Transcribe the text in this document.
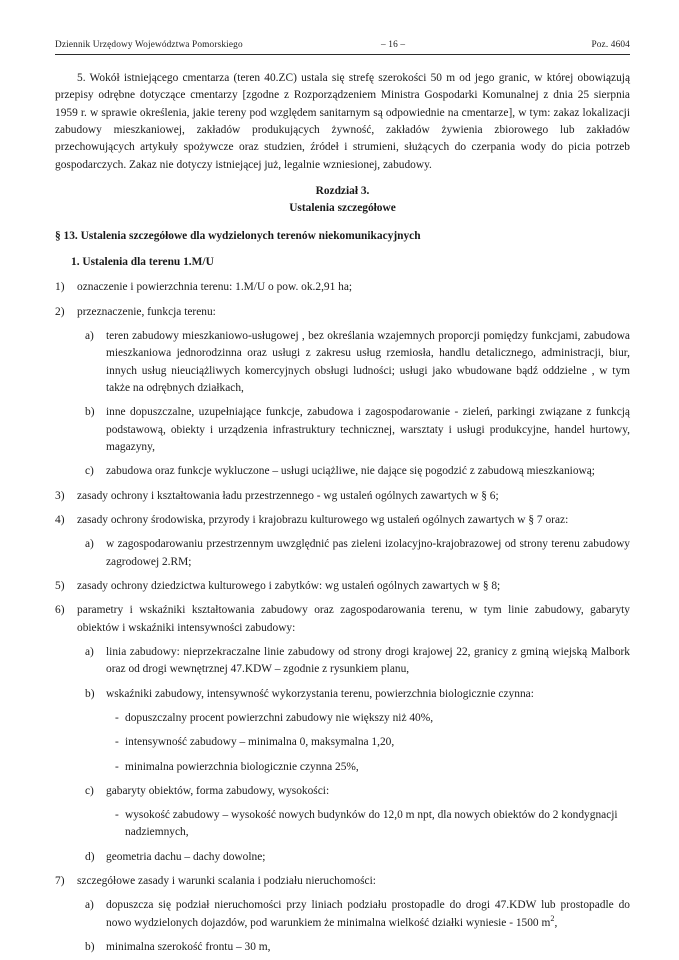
Dziennik Urzędowy Województwa Pomorskiego	– 16 –	Poz. 4604

5. Wokół istniejącego cmentarza (teren 40.ZC) ustala się strefę szerokości 50 m od jego granic, w której obowiązują przepisy odrębne dotyczące cmentarzy [zgodne z Rozporządzeniem Ministra Gospodarki Komunalnej z dnia 25 sierpnia 1959 r. w sprawie określenia, jakie tereny pod względem sanitarnym są odpowiednie na cmentarze], w tym: zakaz lokalizacji zabudowy mieszkaniowej, zakładów produkujących żywność, zakładów żywienia zbiorowego lub zakładów przechowujących artykuły spożywcze oraz studzien, źródeł i strumieni, służących do czerpania wody do picia potrzeb gospodarczych. Zakaz nie dotyczy istniejącej już, legalnie wzniesionej, zabudowy.

Rozdział 3.

Ustalenia szczegółowe

§ 13. Ustalenia szczegółowe dla wydzielonych terenów niekomunikacyjnych

1. Ustalenia dla terenu 1.M/U

1)	oznaczenie i powierzchnia terenu: 1.M/U o pow. ok.2,91 ha;
2)	przeznaczenie, funkcja terenu:
a)	teren zabudowy mieszkaniowo-usługowej , bez określania wzajemnych proporcji pomiędzy funkcjami, zabudowa mieszkaniowa jednorodzinna oraz usługi z zakresu usług rzemiosła, handlu detalicznego, administracji, biur, innych usług nieuciążliwych komercyjnych obsługi ludności; usługi jako wbudowane bądź oddzielne , w tym także na odrębnych działkach,
b)	inne dopuszczalne, uzupełniające funkcje, zabudowa i zagospodarowanie - zieleń, parkingi związane z funkcją podstawową, obiekty i urządzenia infrastruktury technicznej, warsztaty i usługi produkcyjne, handel hurtowy, magazyny,
c)	zabudowa oraz funkcje wykluczone – usługi uciążliwe, nie dające się pogodzić z zabudową mieszkaniową;
3)	zasady ochrony i kształtowania ładu przestrzennego - wg ustaleń ogólnych zawartych w § 6;
4)	zasady ochrony środowiska, przyrody i krajobrazu kulturowego wg ustaleń ogólnych zawartych w § 7 oraz:
a)	w zagospodarowaniu przestrzennym uwzględnić pas zieleni izolacyjno-krajobrazowej od strony terenu zabudowy zagrodowej 2.RM;
5)	zasady ochrony dziedzictwa kulturowego i zabytków: wg ustaleń ogólnych zawartych w § 8;
6)	parametry i wskaźniki kształtowania zabudowy oraz zagospodarowania terenu, w tym linie zabudowy, gabaryty obiektów i wskaźniki intensywności zabudowy:
a)	linia zabudowy: nieprzekraczalne linie zabudowy od strony drogi krajowej 22, granicy z gminą wiejską Malbork oraz od drogi wewnętrznej 47.KDW – zgodnie z rysunkiem planu,
b)	wskaźniki zabudowy, intensywność wykorzystania terenu, powierzchnia biologicznie czynna:
- dopuszczalny procent powierzchni zabudowy nie większy niż 40%,
- intensywność zabudowy – minimalna 0, maksymalna 1,20,
- minimalna powierzchnia biologicznie czynna 25%,
c)	gabaryty obiektów, forma zabudowy, wysokości:
- wysokość zabudowy – wysokość nowych budynków do 12,0 m npt, dla nowych obiektów do 2 kondygnacji nadziemnych,
d)	geometria dachu – dachy dowolne;
7)	szczegółowe zasady i warunki scalania i podziału nieruchomości:
a)	dopuszcza się podział nieruchomości przy liniach podziału prostopadle do drogi 47.KDW lub prostopadle do nowo wydzielonych dojazdów, pod warunkiem że minimalna wielkość działki wyniesie - 1500 $m^2$,
b)	minimalna szerokość frontu – 30 m,
